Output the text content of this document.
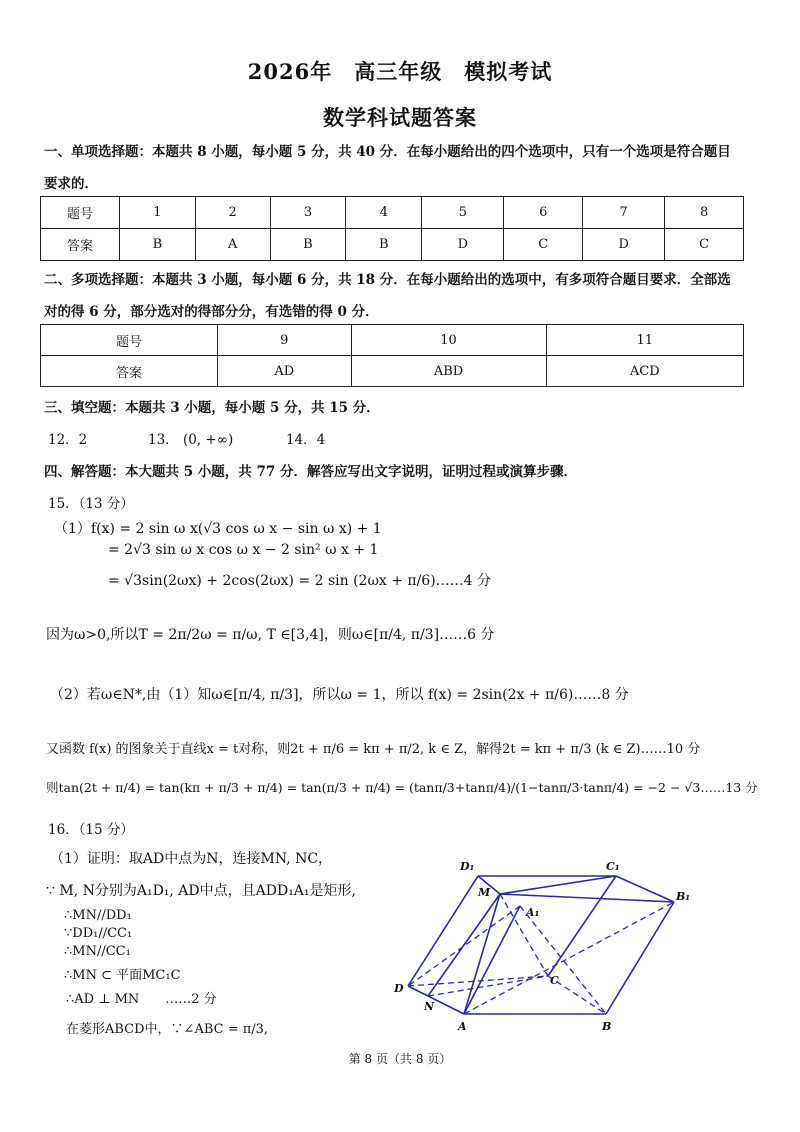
2026年　高三年级　模拟考试
数学科试题答案
一、单项选择题：本题共 8 小题，每小题 5 分，共 40 分．在每小题给出的四个选项中，只有一个选项是符合题目
要求的．
题号	1	2	3	4	5	6	7	8
答案	B	A	B	B	D	C	D	C
二、多项选择题：本题共 3 小题，每小题 6 分，共 18 分．在每小题给出的选项中，有多项符合题目要求．全部选
对的得 6 分，部分选对的得部分分，有选错的得 0 分．
题号	9	10	11
答案	AD	ABD	ACD
三、填空题：本题共 3 小题，每小题 5 分，共 15 分．
12．2	13． (0, +∞)	14．4
四、解答题：本大题共 5 小题，共 77 分．解答应写出文字说明，证明过程或演算步骤．
15．（13 分）
（1）f(x) = 2 sin ω x(√3 cos ω x − sin ω x) + 1
= 2√3 sin ω x cos ω x − 2 sin² ω x + 1
= √3sin(2ωx) + 2cos(2ωx) = 2 sin (2ωx + π/6)……4 分
因为ω>0,所以T = 2π/2ω = π/ω, T ∈[3,4]，则ω∈[π/4, π/3]……6 分
（2）若ω∈N*,由（1）知ω∈[π/4, π/3]，所以ω = 1，所以 f(x) = 2sin(2x + π/6)……8 分
又函数 f(x) 的图象关于直线x = t对称，则2t + π/6 = kπ + π/2, k ∈ Z，解得2t = kπ + π/3 (k ∈ Z)……10 分
则tan(2t + π/4) = tan(kπ + π/3 + π/4) = tan(π/3 + π/4) = (tanπ/3+tanπ/4)/(1−tanπ/3·tanπ/4) = −2 − √3……13 分
16．（15 分）
（1）证明：取AD中点为N，连接MN, NC，
∵ M, N分别为A₁D₁, AD中点，且ADD₁A₁是矩形,
∴MN//DD₁
∵DD₁//CC₁
∴MN//CC₁
∴MN ⊂ 平面MC₁C
∴AD ⊥ MN　　……2 分
在菱形ABCD中，∵∠ABC = π/3,
D₁	C₁
B₁
M
A₁
C
D
N
A	B
第 8 页（共 8 页）
